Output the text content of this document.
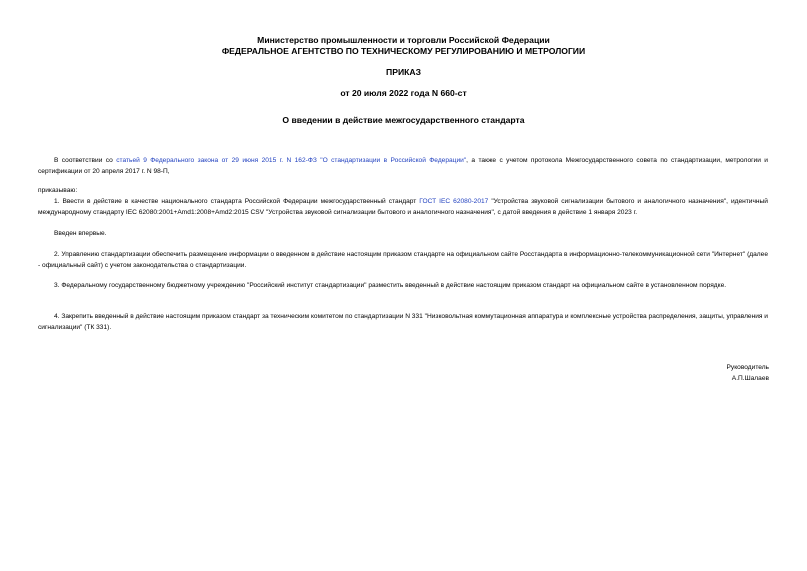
Министерство промышленности и торговли Российской Федерации
ФЕДЕРАЛЬНОЕ АГЕНТСТВО ПО ТЕХНИЧЕСКОМУ РЕГУЛИРОВАНИЮ И МЕТРОЛОГИИ
ПРИКАЗ
от 20 июля 2022 года N 660-ст
О введении в действие межгосударственного стандарта
В соответствии со статьей 9 Федерального закона от 29 июня 2015 г. N 162-ФЗ "О стандартизации в Российской Федерации", а также с учетом протокола Межгосударственного совета по стандартизации, метрологии и сертификации от 20 апреля 2017 г. N 98-П,
приказываю:
1. Ввести в действие в качестве национального стандарта Российской Федерации межгосударственный стандарт ГОСТ IEC 62080-2017 "Устройства звуковой сигнализации бытового и аналогичного назначения", идентичный международному стандарту IEC 62080:2001+Amd1:2008+Amd2:2015 CSV "Устройства звуковой сигнализации бытового и аналогичного назначения", с датой введения в действие 1 января 2023 г.
Введен впервые.
2. Управлению стандартизации обеспечить размещение информации о введенном в действие настоящим приказом стандарте на официальном сайте Росстандарта в информационно-телекоммуникационной сети "Интернет" (далее - официальный сайт) с учетом законодательства о стандартизации.
3. Федеральному государственному бюджетному учреждению "Российский институт стандартизации" разместить введенный в действие настоящим приказом стандарт на официальном сайте в установленном порядке.
4. Закрепить введенный в действие настоящим приказом стандарт за техническим комитетом по стандартизации N 331 "Низковольтная коммутационная аппаратура и комплексные устройства распределения, защиты, управления и сигнализации" (ТК 331).
Руководитель
А.П.Шалаев
